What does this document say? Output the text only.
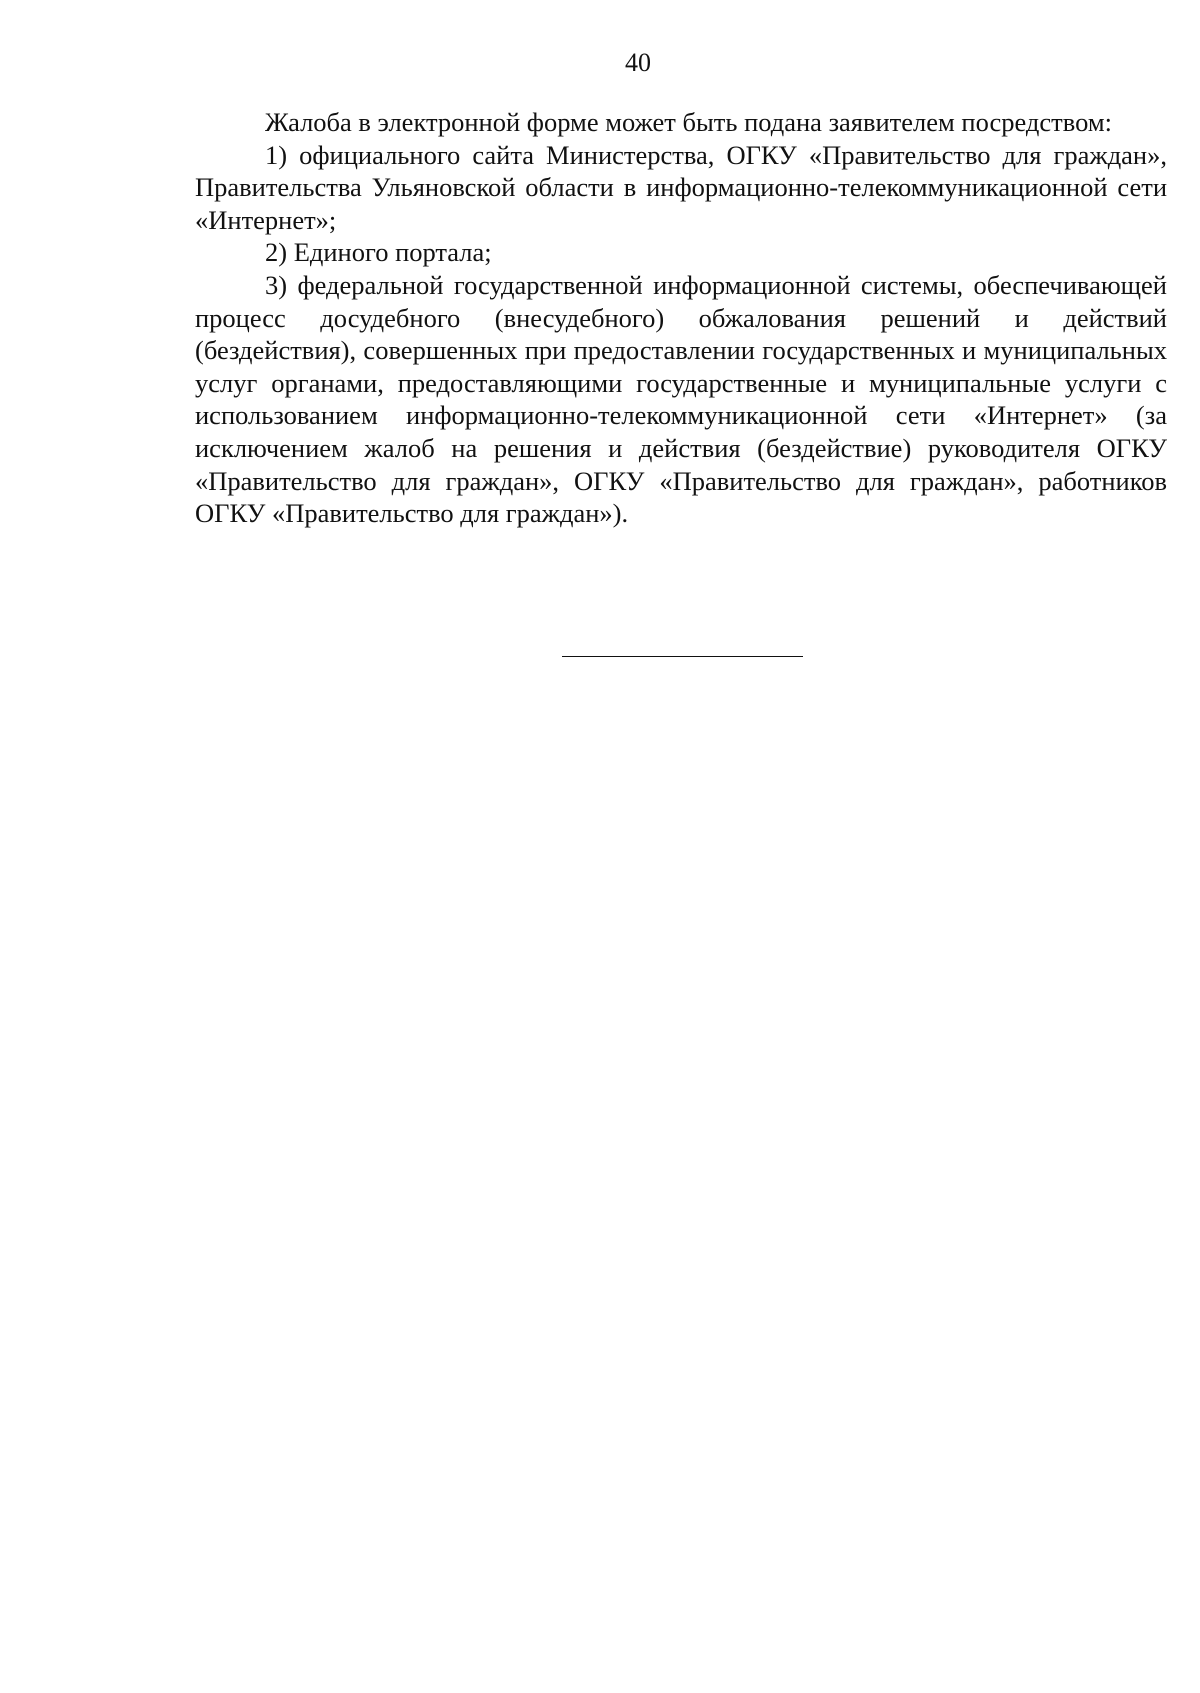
40

Жалоба в электронной форме может быть подана заявителем посредством:

1) официального сайта Министерства, ОГКУ «Правительство для граждан», Правительства Ульяновской области в информационно-телекоммуникационной сети «Интернет»;

2) Единого портала;

3) федеральной государственной информационной системы, обеспечивающей процесс досудебного (внесудебного) обжалования решений и действий (бездействия), совершенных при предоставлении государственных и муниципальных услуг органами, предоставляющими государственные и муниципальные услуги с использованием информационно-телекоммуникационной сети «Интернет» (за исключением жалоб на решения и действия (бездействие) руководителя ОГКУ «Правительство для граждан», ОГКУ «Правительство для граждан», работников ОГКУ «Правительство для граждан»).
